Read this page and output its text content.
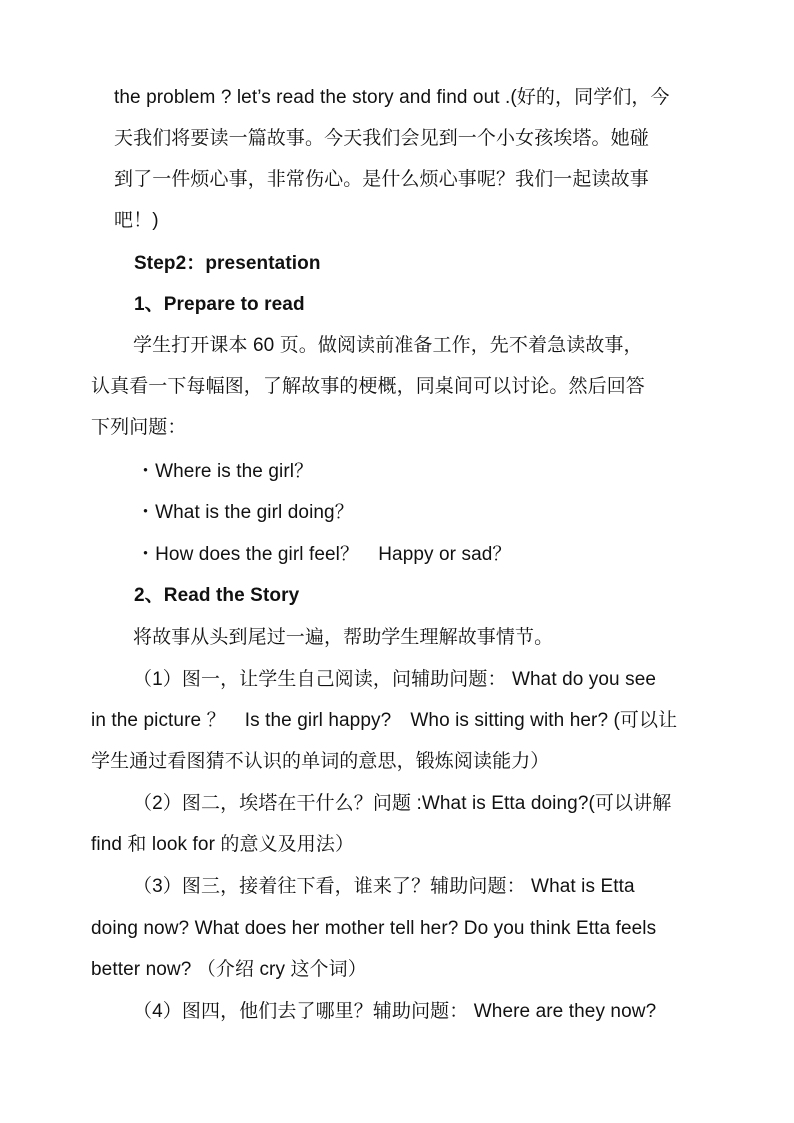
the problem ? let’s read the story and find out .(好的，同学们，今
天我们将要读一篇故事。今天我们会见到一个小女孩埃塔。她碰
到了一件烦心事，非常伤心。是什么烦心事呢？我们一起读故事
吧！)
Step2：presentation
1、Prepare to read
学生打开课本 60 页。做阅读前准备工作，先不着急读故事，
认真看一下每幅图，了解故事的梗概，同桌间可以讨论。然后回答
下列问题：
・Where is the girl？
・What is the girl doing？
・How does the girl feel？　Happy or sad？
2、Read the Story
将故事从头到尾过一遍，帮助学生理解故事情节。
（1）图一，让学生自己阅读，问辅助问题： What do you see
in the picture ？　Is the girl happy?　Who is sitting with her? (可以让
学生通过看图猜不认识的单词的意思，锻炼阅读能力）
（2）图二，埃塔在干什么？问题 :What is Etta doing?(可以讲解
find 和 look for 的意义及用法）
（3）图三，接着往下看，谁来了？辅助问题： What is Etta
doing now? What does her mother tell her? Do you think Etta feels
better now? （介绍 cry 这个词）
（4）图四，他们去了哪里？辅助问题： Where are they now?
